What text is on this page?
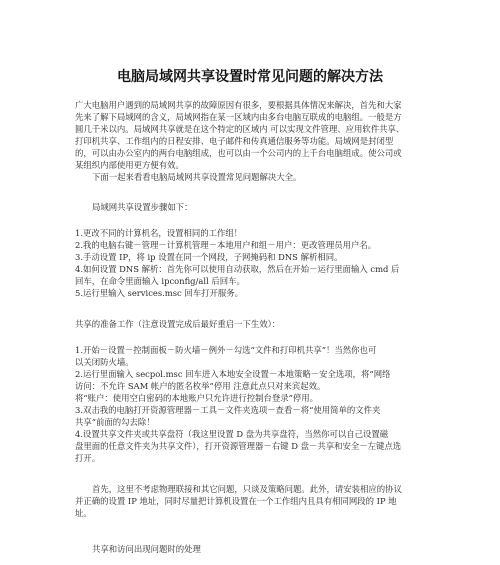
电脑局域网共享设置时常见问题的解决方法
广大电脑用户遇到的局域网共享的故障原因有很多，要根据具体情况来解决，首先和大家
先来了解下局域网的含义，局域网指在某一区域内由多台电脑互联成的电脑组。一般是方
圆几千米以内。局域网共享就是在这个特定的区域内 可以实现文件管理、应用软件共享、
打印机共享、工作组内的日程安排、电子邮件和传真通信服务等功能。局域网是封闭型
的，可以由办公室内的两台电脑组成，也可以由一个公司内的上千台电脑组成。使公司或
某组织内部使用更方便有效。
下面一起来看看电脑局域网共享设置常见问题解决大全。
局域网共享设置步骤如下：
1.更改不同的计算机名，设置相同的工作组！
2.我的电脑右键－管理－计算机管理－本地用户和组－用户：更改管理员用户名。
3.手动设置 IP，将 ip 设置在同一个网段，子网掩码和 DNS 解析相同。
4.如何设置 DNS 解析：首先你可以使用自动获取，然后在开始－运行里面输入 cmd 后
回车，在命令里面输入 ipconfig/all 后回车。
5.运行里输入 services.msc 回车打开服务。
共享的准备工作（注意设置完成后最好重启一下生效）：
1.开始－设置－控制面板－防火墙－例外－勾选“文件和打印机共享”！当然你也可
以关闭防火墙。
2.运行里面输入 secpol.msc 回车进入本地安全设置－本地策略－安全选项，将“网络
访问：不允许 SAM 帐户的匿名枚举”停用 注意此点只对来宾起效。
将“账户：使用空白密码的本地账户只允许进行控制台登录”停用。
3.双击我的电脑打开资源管理器－工具－文件夹选项－查看－将“使用简单的文件夹
共享”前面的勾去除！
4.设置共享文件夹或共享盘符（我这里设置 D 盘为共享盘符，当然你可以自己设置磁
盘里面的任意文件夹为共享文件），打开资源管理器－右键 D 盘－共享和安全－左键点选
打开。
首先，这里不考虑物理联接和其它问题，只谈及策略问题。此外，请安装相应的协议
并正确的设置 IP 地址，同时尽量把计算机设置在一个工作组内且具有相同网段的 IP 地
址。
共享和访问出现问题时的处理
